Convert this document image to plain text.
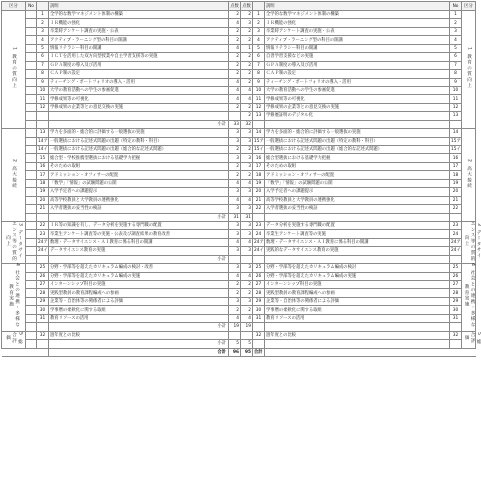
区分	No		説明	点数	点数		説明	No	区分
1 教育の質向上		1	全学的な数学マネジメント体制の構築	2	2	1	全学的な数学マネジメント体制の構築	1	1 教育の質向上
		2	ＩＲ機能の強化	4	3	2	ＩＲ機能の強化	2	
		3	卒業時アンケート調査の実施・公表	2	2	3	卒業時アンケート調査の実施・公表	3	
		4	アクティブ・ラーニング型の科目の開講	2	2	4	アクティブ・ラーニング型の科目の開講	4	
		5	情報リテラシー科目の開講	4	1	5	情報リテラシー科目の開講	5	
		6	ＩＣＴを活用した双方向型授業や自主学習支援等の実施	2	2	6	自習学習支援などの実施	6	
		7	ＧＰＡ制度の導入及び活用	2	2	7	ＧＰＡ制度の導入及び活用	7	
		8	ＣＡＰ制の設定	2	2	8	ＣＡＰ制の設定	8	
		9	ティーチング・ポートフォリオの導入・活用	4	2	9	ティーチング・ポートフォリオの導入・活用	9	
		10	大学の教育活動への学生の参画促進	4	4	10	大学の教育活動への学生の参画促進	10	
		11	学修成果等の可視化	4	4	11	学修成果等の可視化	11	
		12	学修成果の企業等との意見交換の実施	2	2	12	学修成果の企業等との意見交換の実施	12	
					2	13	学修歴証明のデジタル化	13	
			小計	33	32				
2 高大接続		13	学力を多面的・総合的に評価する一般選抜の実施	3	3	14	学力を多面的・総合的に評価する一般選抜の実施	14	2 高大接続
		14ア	一般選抜における記述式問題の出題（特定の教科・科目）	3	3	15ア	一般選抜における記述式問題の出題（特定の教科・科目）	15ア	
		14イ	一般選抜における記述式問題の出題（総合的な記述式問題）	2	2	15イ	一般選抜における記述式問題の出題（総合的な記述式問題）	15イ	
		15	総合型・学校推薦型選抜における基礎学力把握	3	3	16	総合型選抜における基礎学力把握	16	
		16	そのための取組	2	3	17	そのための取組	17	
		17	アドミッション・オフィサーの配置	2	2	18	アドミッション・オフィサーの配置	18	
		18	「数学」「情報」の試験問題の公開	4	4	19	「数学」「情報」の試験問題の公開	19	
		19	入学予定者への課題提示	3	3	20	入学予定者への課題提示	20	
		20	高等学校教員と大学教員の連携強化	4	4	21	高等学校教員と大学教員の連携強化	21	
		21	入学者選抜の妥当性の検証	3	3	22	入学者選抜の妥当性の検証	22	
			小計	31	31				
3 データサイエンス等の質的向上		22	ＩＲ等の知識を有し、データ分析を実施する専門職の配置	3	3	23	データ分析を実施する専門職の配置	23	3 データサイエンス等の質的向上
		23	卒業生アンケート調査等の実施・公表及び調査結果の教育改善	3	3	24	卒業生アンケート調査等の実施	24	
		24ア	数理・データサイエンス・ＡＩ教育に係る科目の開講	4	4	24ア	数理・データサイエンス・ＡＩ教育に係る科目の開講	24ア	
		24イ	データサイエンス教育の実施	3	3	24イ	実践的なデータサイエンス教育の実施	24イ	
			小計						
4 社会との連携・多様な教育実施		25	分野・学部等を超えたカリキュラム編成の検討・改善	3	3	25	分野・学部等を超えたカリキュラム編成の検討	25	4 社会との連携・多様な教育実施
		26	分野・学部等を超えたカリキュラム編成の実施	4	4	26	分野・学部等を超えたカリキュラム編成の実施	26	
		27	インターンシップ科目の実施	2	2	27	インターンシップ科目の実施	27	
		28	実践型教員の教育課程編成への参画	2	2	28	実践型教員の教育課程編成への参画	28	
		29	企業等・自治体等の関係者による評価	3	3	29	企業等・自治体等の関係者による評価	29	
		30	学事暦の柔軟化に関する取組	2	2	30	学事暦の柔軟化に関する取組	30	
		31	教育リソースの活用	4	4	31	教育リソースの活用	31	
			小計	19	19				
5 総合評価		32	過年度との比較			32	過年度との比較	32	5 総合評価
			小計	5	5				
			合計	96	95	合計			
